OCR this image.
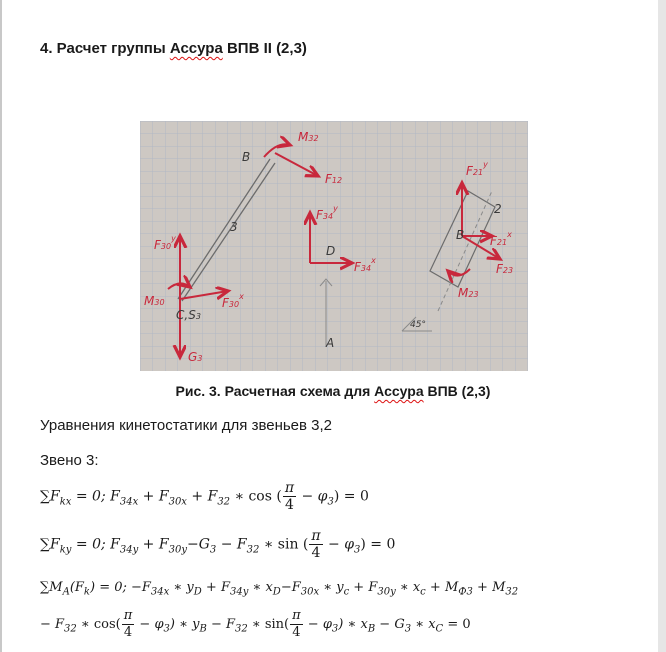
4. Расчет группы Ассура ВПВ II (2,3)
B
3
D
A
B
45°
M32
F12
F34$^y$
F34$^x$
F30$^y$
M30	F30$^x$
C,S3
G3
F21$^y$
2
F21$^x$
F23
M23
Рис. 3. Расчетная схема для Ассура ВПВ (2,3)
Уравнения кинетостатики для звеньев 3,2
Звено 3:
$\sum F_{kx} = 0$; $F_{34x} + F_{30x} + F_{32}$ ∗ cos ( $\frac{\pi}{4} - \varphi_3) = 0$
$\sum F_{ky} = 0$; $F_{34y} + F_{30y}-G_3 - F_{32}$ ∗ sin ( $\frac{\pi}{4} - \varphi_3) = 0$
$\sum M_A(F_k) = 0$; $-F_{34x}$ ∗ $y_D + F_{34y}$ ∗ $x_D-F_{30x}$ ∗ $y_c + F_{30y}$ ∗ $x_c + M_{Ф3} + M_{32}$
− $F_{32}$ ∗ $\cos( \frac{\pi}{4} - \varphi_3)$ ∗ $y_B - F_{32}$ ∗ $\sin( \frac{\pi}{4} - \varphi_3)$ ∗ $x_B - G_3$ ∗ $x_C = 0$
